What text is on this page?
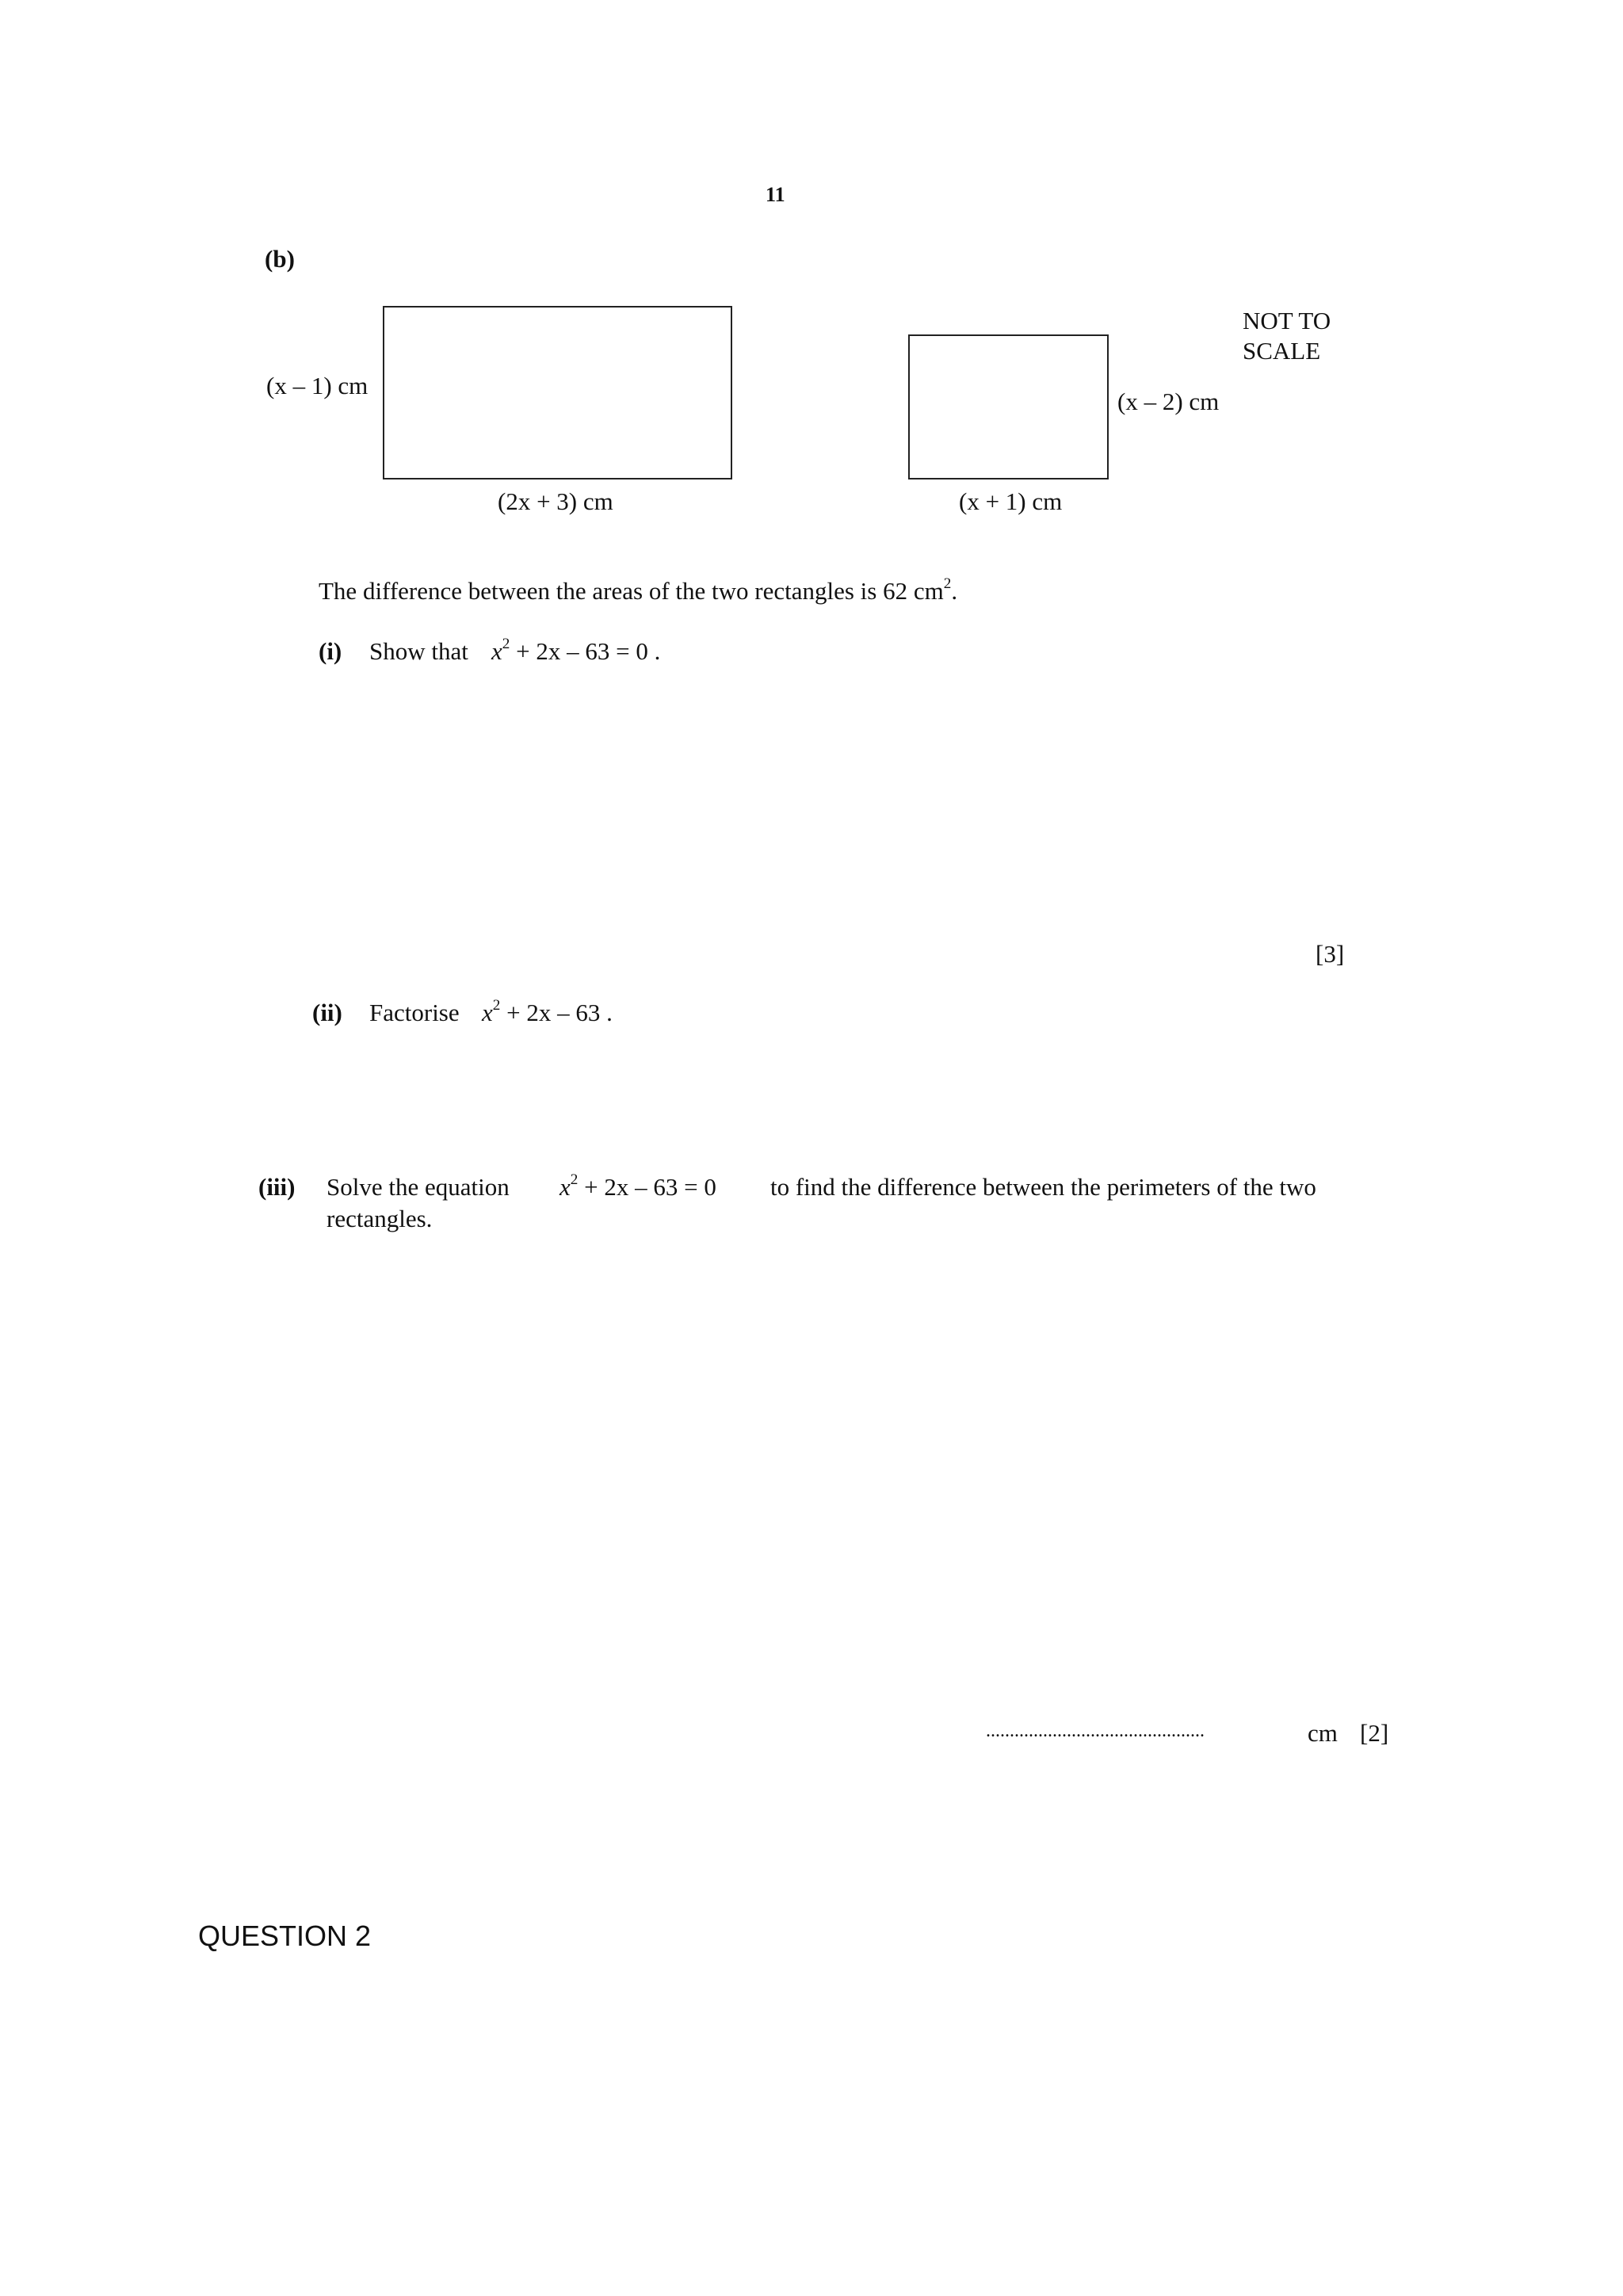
11
(b)
NOT TO
SCALE
(x – 1) cm
(2x + 3) cm
(x – 2) cm
(x + 1) cm
The difference between the areas of the two rectangles is 62 $cm^2$.
(i) Show that $x^2 + 2x - 63 = 0$ .
[3]
(ii) Factorise $x^2 + 2x - 63$ .
(iii) Solve the equation $x^2 + 2x - 63 = 0$ to find the difference between the perimeters of the two
rectangles.
..............................................	cm [2]
QUESTION 2
